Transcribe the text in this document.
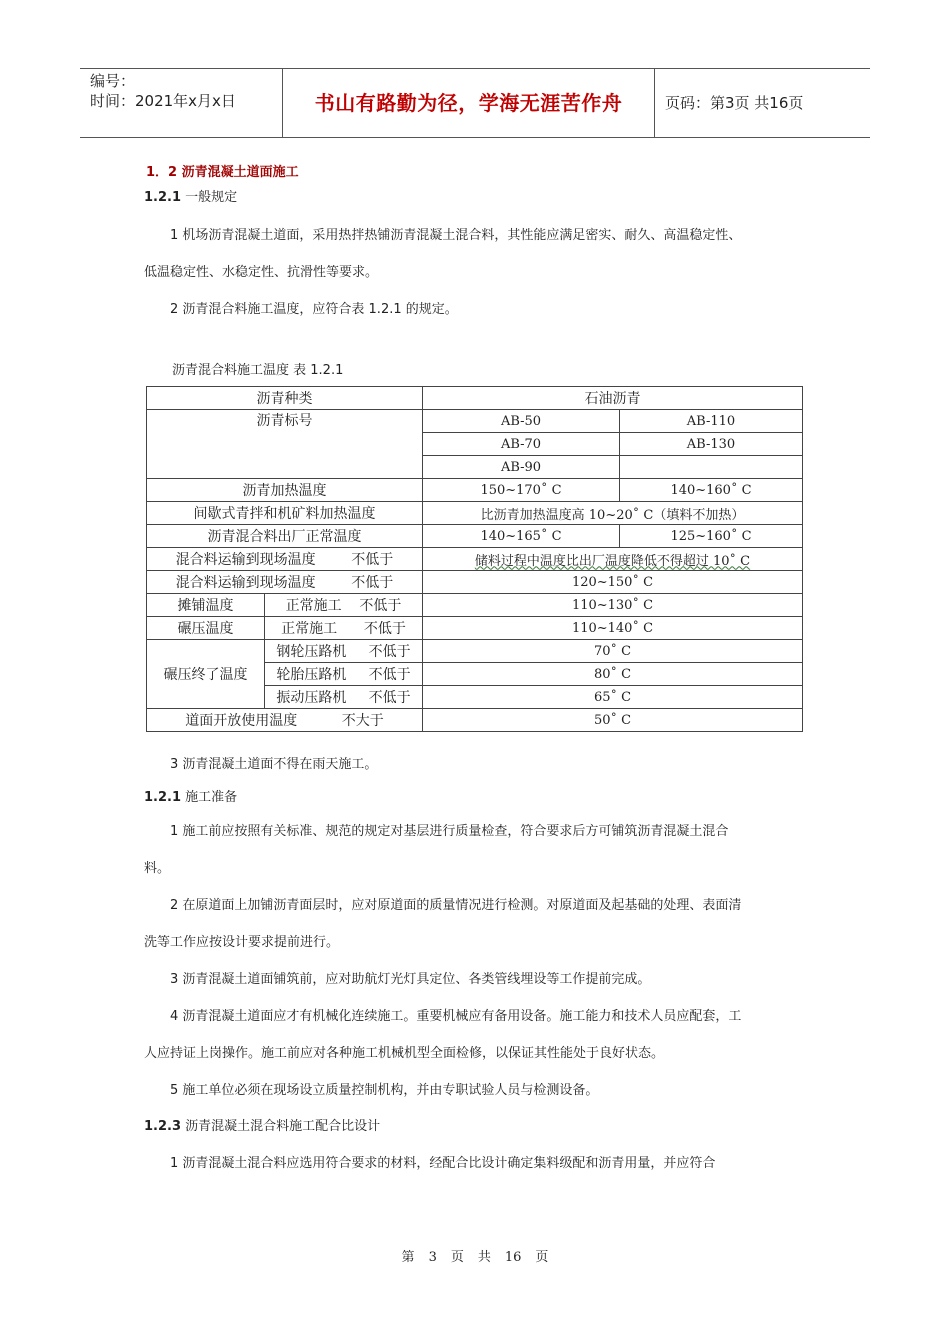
编号：
时间：2021年x月x日	书山有路勤为径，学海无涯苦作舟	页码：第3页 共16页
1．2 沥青混凝土道面施工
1.2.1 一般规定
1 机场沥青混凝土道面，采用热拌热铺沥青混凝土混合料，其性能应满足密实、耐久、高温稳定性、
低温稳定性、水稳定性、抗滑性等要求。
2 沥青混合料施工温度，应符合表 1.2.1 的规定。
沥青混合料施工温度 表 1.2.1
沥青种类		石油沥青	
沥青标号		AB-50	AB-110
		AB-70	AB-130
		AB-90	
沥青加热温度		150~170˚ C	140~160˚ C
间歇式青拌和机矿料加热温度		比沥青加热温度高 10~20˚ C（填料不加热）	
沥青混合料出厂正常温度		140~165˚ C	125~160˚ C
混合料运输到现场温度        不低于		储料过程中温度比出厂温度降低不得超过 10˚ C	
混合料运输到现场温度        不低于		120~150˚ C	
摊铺温度	正常施工    不低于	110~130˚ C	
碾压温度	正常施工      不低于	110~140˚ C	
碾压终了温度	钢轮压路机     不低于	70˚ C	
	轮胎压路机     不低于	80˚ C	
	振动压路机     不低于	65˚ C	
道面开放使用温度          不大于		50˚ C	
3 沥青混凝土道面不得在雨天施工。
1.2.1 施工准备
1 施工前应按照有关标准、规范的规定对基层进行质量检查，符合要求后方可铺筑沥青混凝土混合
料。
2 在原道面上加铺沥青面层时，应对原道面的质量情况进行检测。对原道面及起基础的处理、表面清
洗等工作应按设计要求提前进行。
3 沥青混凝土道面铺筑前，应对助航灯光灯具定位、各类管线埋设等工作提前完成。
4 沥青混凝土道面应才有机械化连续施工。重要机械应有备用设备。施工能力和技术人员应配套，工
人应持证上岗操作。施工前应对各种施工机械机型全面检修，以保证其性能处于良好状态。
5 施工单位必须在现场设立质量控制机构，并由专职试验人员与检测设备。
1.2.3 沥青混凝土混合料施工配合比设计
1 沥青混凝土混合料应选用符合要求的材料，经配合比设计确定集料级配和沥青用量，并应符合
第 3 页 共 16 页
